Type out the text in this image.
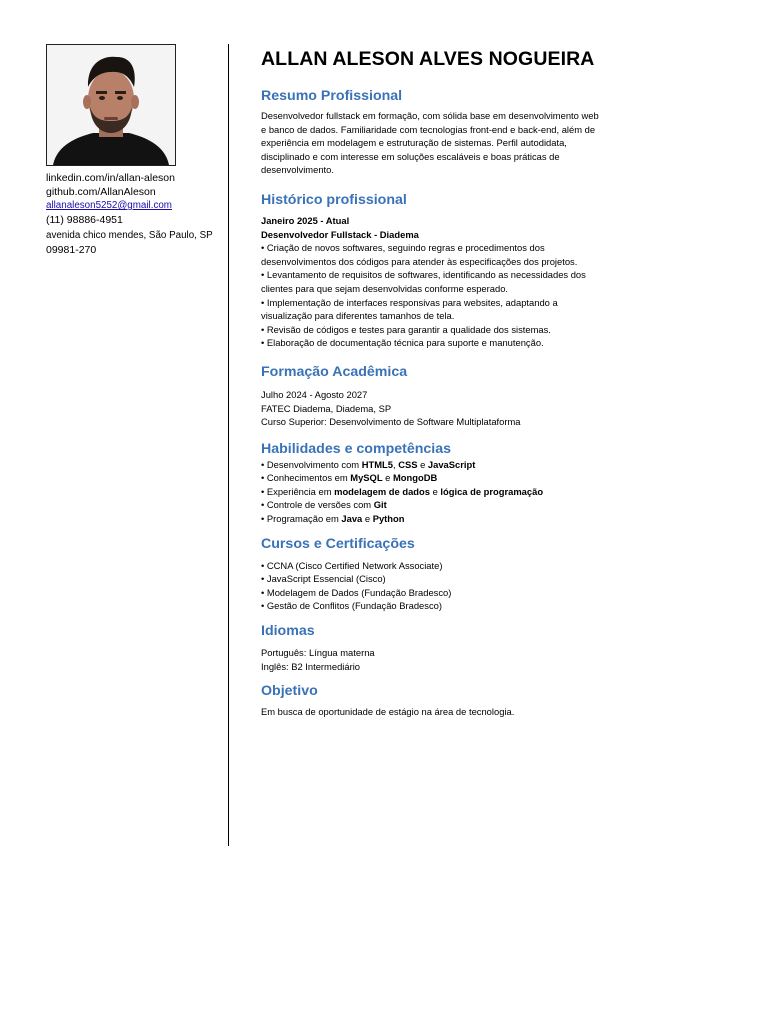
linkedin.com/in/allan-aleson
github.com/AllanAleson
allanaleson5252@gmail.com
(11) 98886-4951
avenida chico mendes, São Paulo, SP
09981-270
ALLAN ALESON ALVES NOGUEIRA
Resumo Profissional

Desenvolvedor fullstack em formação, com sólida base em desenvolvimento web

e banco de dados. Familiaridade com tecnologias front-end e back-end, além de

experiência em modelagem e estruturação de sistemas. Perfil autodidata,

disciplinado e com interesse em soluções escaláveis e boas práticas de

desenvolvimento.

Histórico profissional

Janeiro 2025 - Atual

Desenvolvedor Fullstack - Diadema

• Criação de novos softwares, seguindo regras e procedimentos dos

desenvolvimentos dos códigos para atender às especificações dos projetos.

• Levantamento de requisitos de softwares, identificando as necessidades dos

clientes para que sejam desenvolvidas conforme esperado.

• Implementação de interfaces responsivas para websites, adaptando a

visualização para diferentes tamanhos de tela.

• Revisão de códigos e testes para garantir a qualidade dos sistemas.

• Elaboração de documentação técnica para suporte e manutenção.

Formação Acadêmica

Julho 2024 - Agosto 2027

FATEC Diadema, Diadema, SP

Curso Superior: Desenvolvimento de Software Multiplataforma

Habilidades e competências

• Desenvolvimento com HTML5, CSS e JavaScript

• Conhecimentos em MySQL e MongoDB

• Experiência em modelagem de dados e lógica de programação

• Controle de versões com Git

• Programação em Java e Python

Cursos e Certificações

• CCNA (Cisco Certified Network Associate)

• JavaScript Essencial (Cisco)

• Modelagem de Dados (Fundação Bradesco)

• Gestão de Conflitos (Fundação Bradesco)

Idiomas

Português: Língua materna

Inglês: B2 Intermediário

Objetivo

Em busca de oportunidade de estágio na área de tecnologia.
